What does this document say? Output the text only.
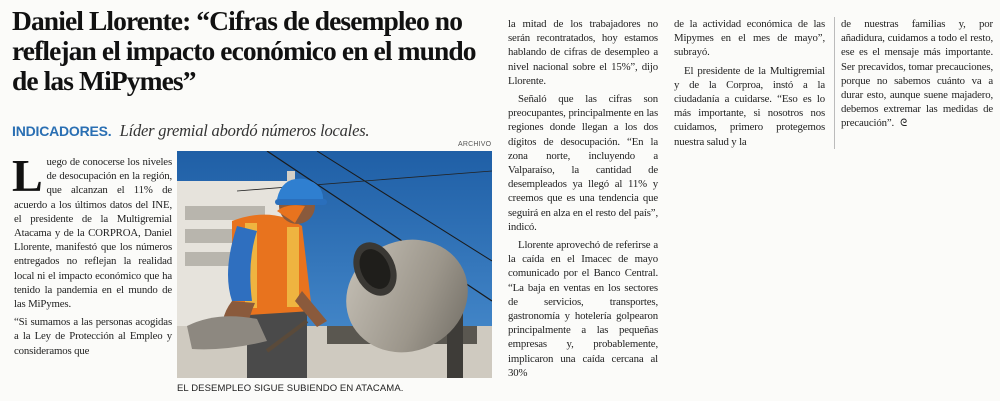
Daniel Llorente: “Cifras de desempleo no reflejan el impacto económico en el mundo de las MiPymes”
INDICADORES. Líder gremial abordó números locales.

Luego de conocerse los niveles de desocupación en la región, que alcanzan el 11% de acuerdo a los últimos datos del INE, el presidente de la Multigremial Atacama y de la CORPROA, Daniel Llorente, manifestó que los números entregados no reflejan la realidad local ni el impacto económico que ha tenido la pandemia en el mundo de las MiPymes.

“Si sumamos a las personas acogidas a la Ley de Protección al Empleo y consideramos que

ARCHIVO
EL DESEMPLEO SIGUE SUBIENDO EN ATACAMA.

la mitad de los trabajadores no serán recontratados, hoy estamos hablando de cifras de desempleo a nivel nacional sobre el 15%”, dijo Llorente.

Señaló que las cifras son preocupantes, principalmente en las regiones donde llegan a los dos dígitos de desocupación. “En la zona norte, incluyendo a Valparaíso, la cantidad de desempleados ya llegó al 11% y creemos que es una tendencia que seguirá en alza en el resto del país”, indicó.

Llorente aprovechó de referirse a la caída en el Imacec de mayo comunicado por el Banco Central. “La baja en ventas en los sectores de servicios, transportes, gastronomía y hotelería golpearon principalmente a las pequeñas empresas y, probablemente, implicaron una caída cercana al 30%

de la actividad económica de las Mipymes en el mes de mayo”, subrayó.

El presidente de la Multigremial y de la Corproa, instó a la ciudadanía a cuidarse. “Eso es lo más importante, si nosotros nos cuidamos, primero protegemos nuestra salud y la

de nuestras familias y, por añadidura, cuidamos a todo el resto, ese es el mensaje más importante. Ser precavidos, tomar precauciones, porque no sabemos cuánto va a durar esto, aunque suene majadero, debemos extremar las medidas de precaución”. ᘓ
